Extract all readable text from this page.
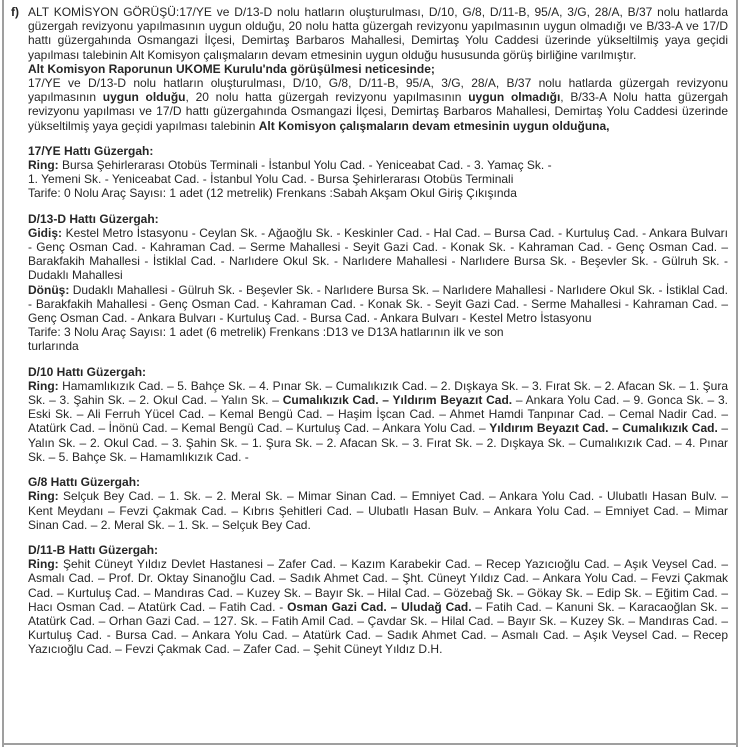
f) ALT KOMİSYON GÖRÜŞÜ:17/YE ve D/13-D nolu hatların oluşturulması, D/10, G/8, D/11-B, 95/A, 3/G, 28/A, B/37 nolu hatlarda güzergah revizyonu yapılmasının uygun olduğu, 20 nolu hatta güzergah revizyonu yapılmasının uygun olmadığı ve B/33-A ve 17/D hattı güzergahında Osmangazi İlçesi, Demirtaş Barbaros Mahallesi, Demirtaş Yolu Caddesi üzerinde yükseltilmiş yaya geçidi yapılması talebinin Alt Komisyon çalışmaların devam etmesinin uygun olduğu hususunda görüş birliğine varılmıştır.

Alt Komisyon Raporunun UKOME Kurulu'nda görüşülmesi neticesinde;

17/YE ve D/13-D nolu hatların oluşturulması, D/10, G/8, D/11-B, 95/A, 3/G, 28/A, B/37 nolu hatlarda güzergah revizyonu yapılmasının uygun olduğu, 20 nolu hatta güzergah revizyonu yapılmasının uygun olmadığı, B/33-A Nolu hatta güzergah revizyonu yapılması ve 17/D hattı güzergahında Osmangazi İlçesi, Demirtaş Barbaros Mahallesi, Demirtaş Yolu Caddesi üzerinde yükseltilmiş yaya geçidi yapılması talebinin Alt Komisyon çalışmaların devam etmesinin uygun olduğuna,

17/YE Hattı Güzergah:

Ring: Bursa Şehirlerarası Otobüs Terminali - İstanbul Yolu Cad. - Yeniceabat Cad. - 3. Yamaç Sk. - 1. Yemeni Sk. - Yeniceabat Cad. - İstanbul Yolu Cad. - Bursa Şehirlerarası Otobüs Terminali

Tarife: 0 Nolu Araç Sayısı: 1 adet (12 metrelik) Frenkans :Sabah Akşam Okul Giriş Çıkışında

D/13-D Hattı Güzergah:

Gidiş: Kestel Metro İstasyonu - Ceylan Sk. - Ağaoğlu Sk. - Keskinler Cad. - Hal Cad. – Bursa Cad. - Kurtuluş Cad. - Ankara Bulvarı - Genç Osman Cad. - Kahraman Cad. – Serme Mahallesi - Seyit Gazi Cad. - Konak Sk. - Kahraman Cad. - Genç Osman Cad. – Barakfakih Mahallesi - İstiklal Cad. - Narlıdere Okul Sk. - Narlıdere Mahallesi - Narlıdere Bursa Sk. - Beşevler Sk. - Gülruh Sk. - Dudaklı Mahallesi

Dönüş: Dudaklı Mahallesi - Gülruh Sk. - Beşevler Sk. - Narlıdere Bursa Sk. – Narlıdere Mahallesi - Narlıdere Okul Sk. - İstiklal Cad. - Barakfakih Mahallesi - Genç Osman Cad. - Kahraman Cad. - Konak Sk. - Seyit Gazi Cad. - Serme Mahallesi - Kahraman Cad. – Genç Osman Cad. - Ankara Bulvarı - Kurtuluş Cad. - Bursa Cad. - Ankara Bulvarı - Kestel Metro İstasyonu

Tarife: 3 Nolu Araç Sayısı: 1 adet (6 metrelik) Frenkans :D13 ve D13A hatlarının ilk ve son turlarında

D/10 Hattı Güzergah:

Ring: Hamamlıkızık Cad. – 5. Bahçe Sk. – 4. Pınar Sk. – Cumalıkızık Cad. – 2. Dışkaya Sk. – 3. Fırat Sk. – 2. Afacan Sk. – 1. Şura Sk. – 3. Şahin Sk. – 2. Okul Cad. – Yalın Sk. – Cumalıkızık Cad. – Yıldırım Beyazıt Cad. – Ankara Yolu Cad. – 9. Gonca Sk. – 3. Eski Sk. – Ali Ferruh Yücel Cad. – Kemal Bengü Cad. – Haşim İşcan Cad. – Ahmet Hamdi Tanpınar Cad. – Cemal Nadir Cad. – Atatürk Cad. – İnönü Cad. – Kemal Bengü Cad. – Kurtuluş Cad. – Ankara Yolu Cad. – Yıldırım Beyazıt Cad. – Cumalıkızık Cad. – Yalın Sk. – 2. Okul Cad. – 3. Şahin Sk. – 1. Şura Sk. – 2. Afacan Sk. – 3. Fırat Sk. – 2. Dışkaya Sk. – Cumalıkızık Cad. – 4. Pınar Sk. – 5. Bahçe Sk. – Hamamlıkızık Cad. -

G/8 Hattı Güzergah:

Ring: Selçuk Bey Cad. – 1. Sk. – 2. Meral Sk. – Mimar Sinan Cad. – Emniyet Cad. – Ankara Yolu Cad. - Ulubatlı Hasan Bulv. – Kent Meydanı – Fevzi Çakmak Cad. – Kıbrıs Şehitleri Cad. – Ulubatlı Hasan Bulv. – Ankara Yolu Cad. – Emniyet Cad. – Mimar Sinan Cad. – 2. Meral Sk. – 1. Sk. – Selçuk Bey Cad.

D/11-B Hattı Güzergah:

Ring: Şehit Cüneyt Yıldız Devlet Hastanesi – Zafer Cad. – Kazım Karabekir Cad. – Recep Yazıcıoğlu Cad. – Aşık Veysel Cad. – Asmalı Cad. – Prof. Dr. Oktay Sinanoğlu Cad. – Sadık Ahmet Cad. – Şht. Cüneyt Yıldız Cad. – Ankara Yolu Cad. – Fevzi Çakmak Cad. – Kurtuluş Cad. – Mandıras Cad. – Kuzey Sk. – Bayır Sk. – Hilal Cad. – Gözebağ Sk. – Gökay Sk. – Edip Sk. – Eğitim Cad. – Hacı Osman Cad. – Atatürk Cad. – Fatih Cad. - Osman Gazi Cad. – Uludağ Cad. – Fatih Cad. – Kanuni Sk. – Karacaoğlan Sk. – Atatürk Cad. – Orhan Gazi Cad. – 127. Sk. – Fatih Amil Cad. – Çavdar Sk. – Hilal Cad. – Bayır Sk. – Kuzey Sk. – Mandıras Cad. – Kurtuluş Cad. - Bursa Cad. – Ankara Yolu Cad. – Atatürk Cad. – Sadık Ahmet Cad. – Asmalı Cad. – Aşık Veysel Cad. – Recep Yazıcıoğlu Cad. – Fevzi Çakmak Cad. – Zafer Cad. – Şehit Cüneyt Yıldız D.H.
